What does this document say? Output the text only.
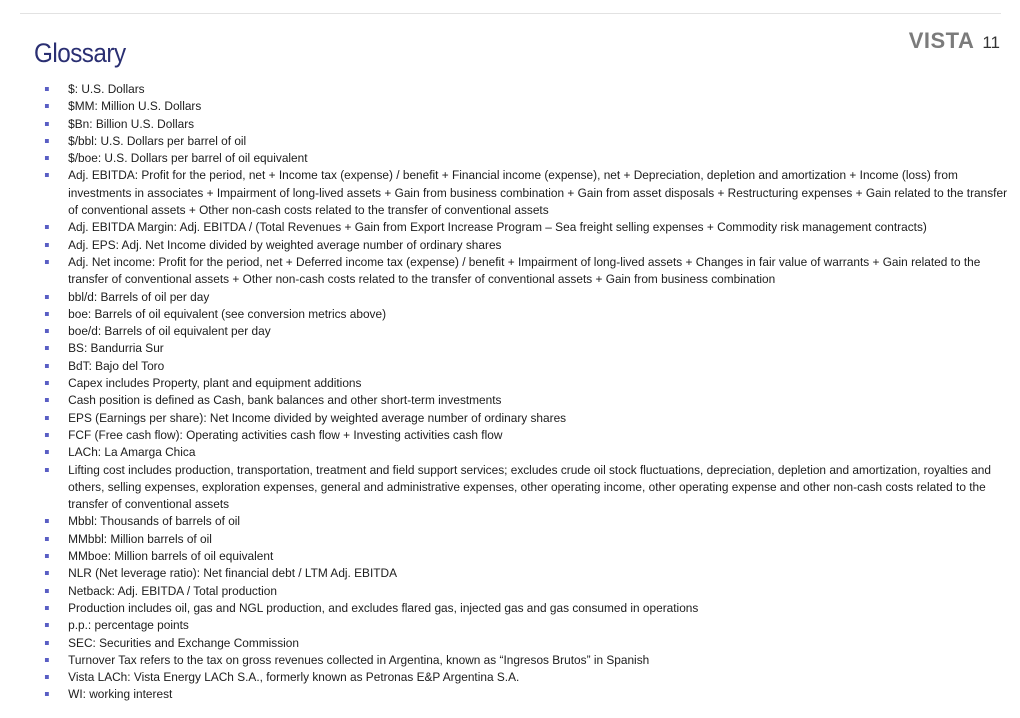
Glossary	VISTA 11
$: U.S. Dollars
$MM: Million U.S. Dollars
$Bn: Billion U.S. Dollars
$/bbl: U.S. Dollars per barrel of oil
$/boe: U.S. Dollars per barrel of oil equivalent
Adj. EBITDA: Profit for the period, net + Income tax (expense) / benefit + Financial income (expense), net + Depreciation, depletion and amortization + Income (loss) from investments in associates + Impairment of long-lived assets + Gain from business combination + Gain from asset disposals + Restructuring expenses + Gain related to the transfer of conventional assets + Other non-cash costs related to the transfer of conventional assets
Adj. EBITDA Margin: Adj. EBITDA / (Total Revenues + Gain from Export Increase Program – Sea freight selling expenses + Commodity risk management contracts)
Adj. EPS: Adj. Net Income divided by weighted average number of ordinary shares
Adj. Net income: Profit for the period, net + Deferred income tax (expense) / benefit + Impairment of long-lived assets + Changes in fair value of warrants + Gain related to the transfer of conventional assets + Other non-cash costs related to the transfer of conventional assets + Gain from business combination
bbl/d: Barrels of oil per day
boe: Barrels of oil equivalent (see conversion metrics above)
boe/d: Barrels of oil equivalent per day
BS: Bandurria Sur
BdT: Bajo del Toro
Capex includes Property, plant and equipment additions
Cash position is defined as Cash, bank balances and other short-term investments
EPS (Earnings per share): Net Income divided by weighted average number of ordinary shares
FCF (Free cash flow): Operating activities cash flow + Investing activities cash flow
LACh: La Amarga Chica
Lifting cost includes production, transportation, treatment and field support services; excludes crude oil stock fluctuations, depreciation, depletion and amortization, royalties and others, selling expenses, exploration expenses, general and administrative expenses, other operating income, other operating expense and other non-cash costs related to the transfer of conventional assets
Mbbl: Thousands of barrels of oil
MMbbl: Million barrels of oil
MMboe: Million barrels of oil equivalent
NLR (Net leverage ratio): Net financial debt / LTM Adj. EBITDA
Netback: Adj. EBITDA / Total production
Production includes oil, gas and NGL production, and excludes flared gas, injected gas and gas consumed in operations
p.p.: percentage points
SEC: Securities and Exchange Commission
Turnover Tax refers to the tax on gross revenues collected in Argentina, known as “Ingresos Brutos” in Spanish
Vista LACh: Vista Energy LACh S.A., formerly known as Petronas E&P Argentina S.A.
WI: working interest
